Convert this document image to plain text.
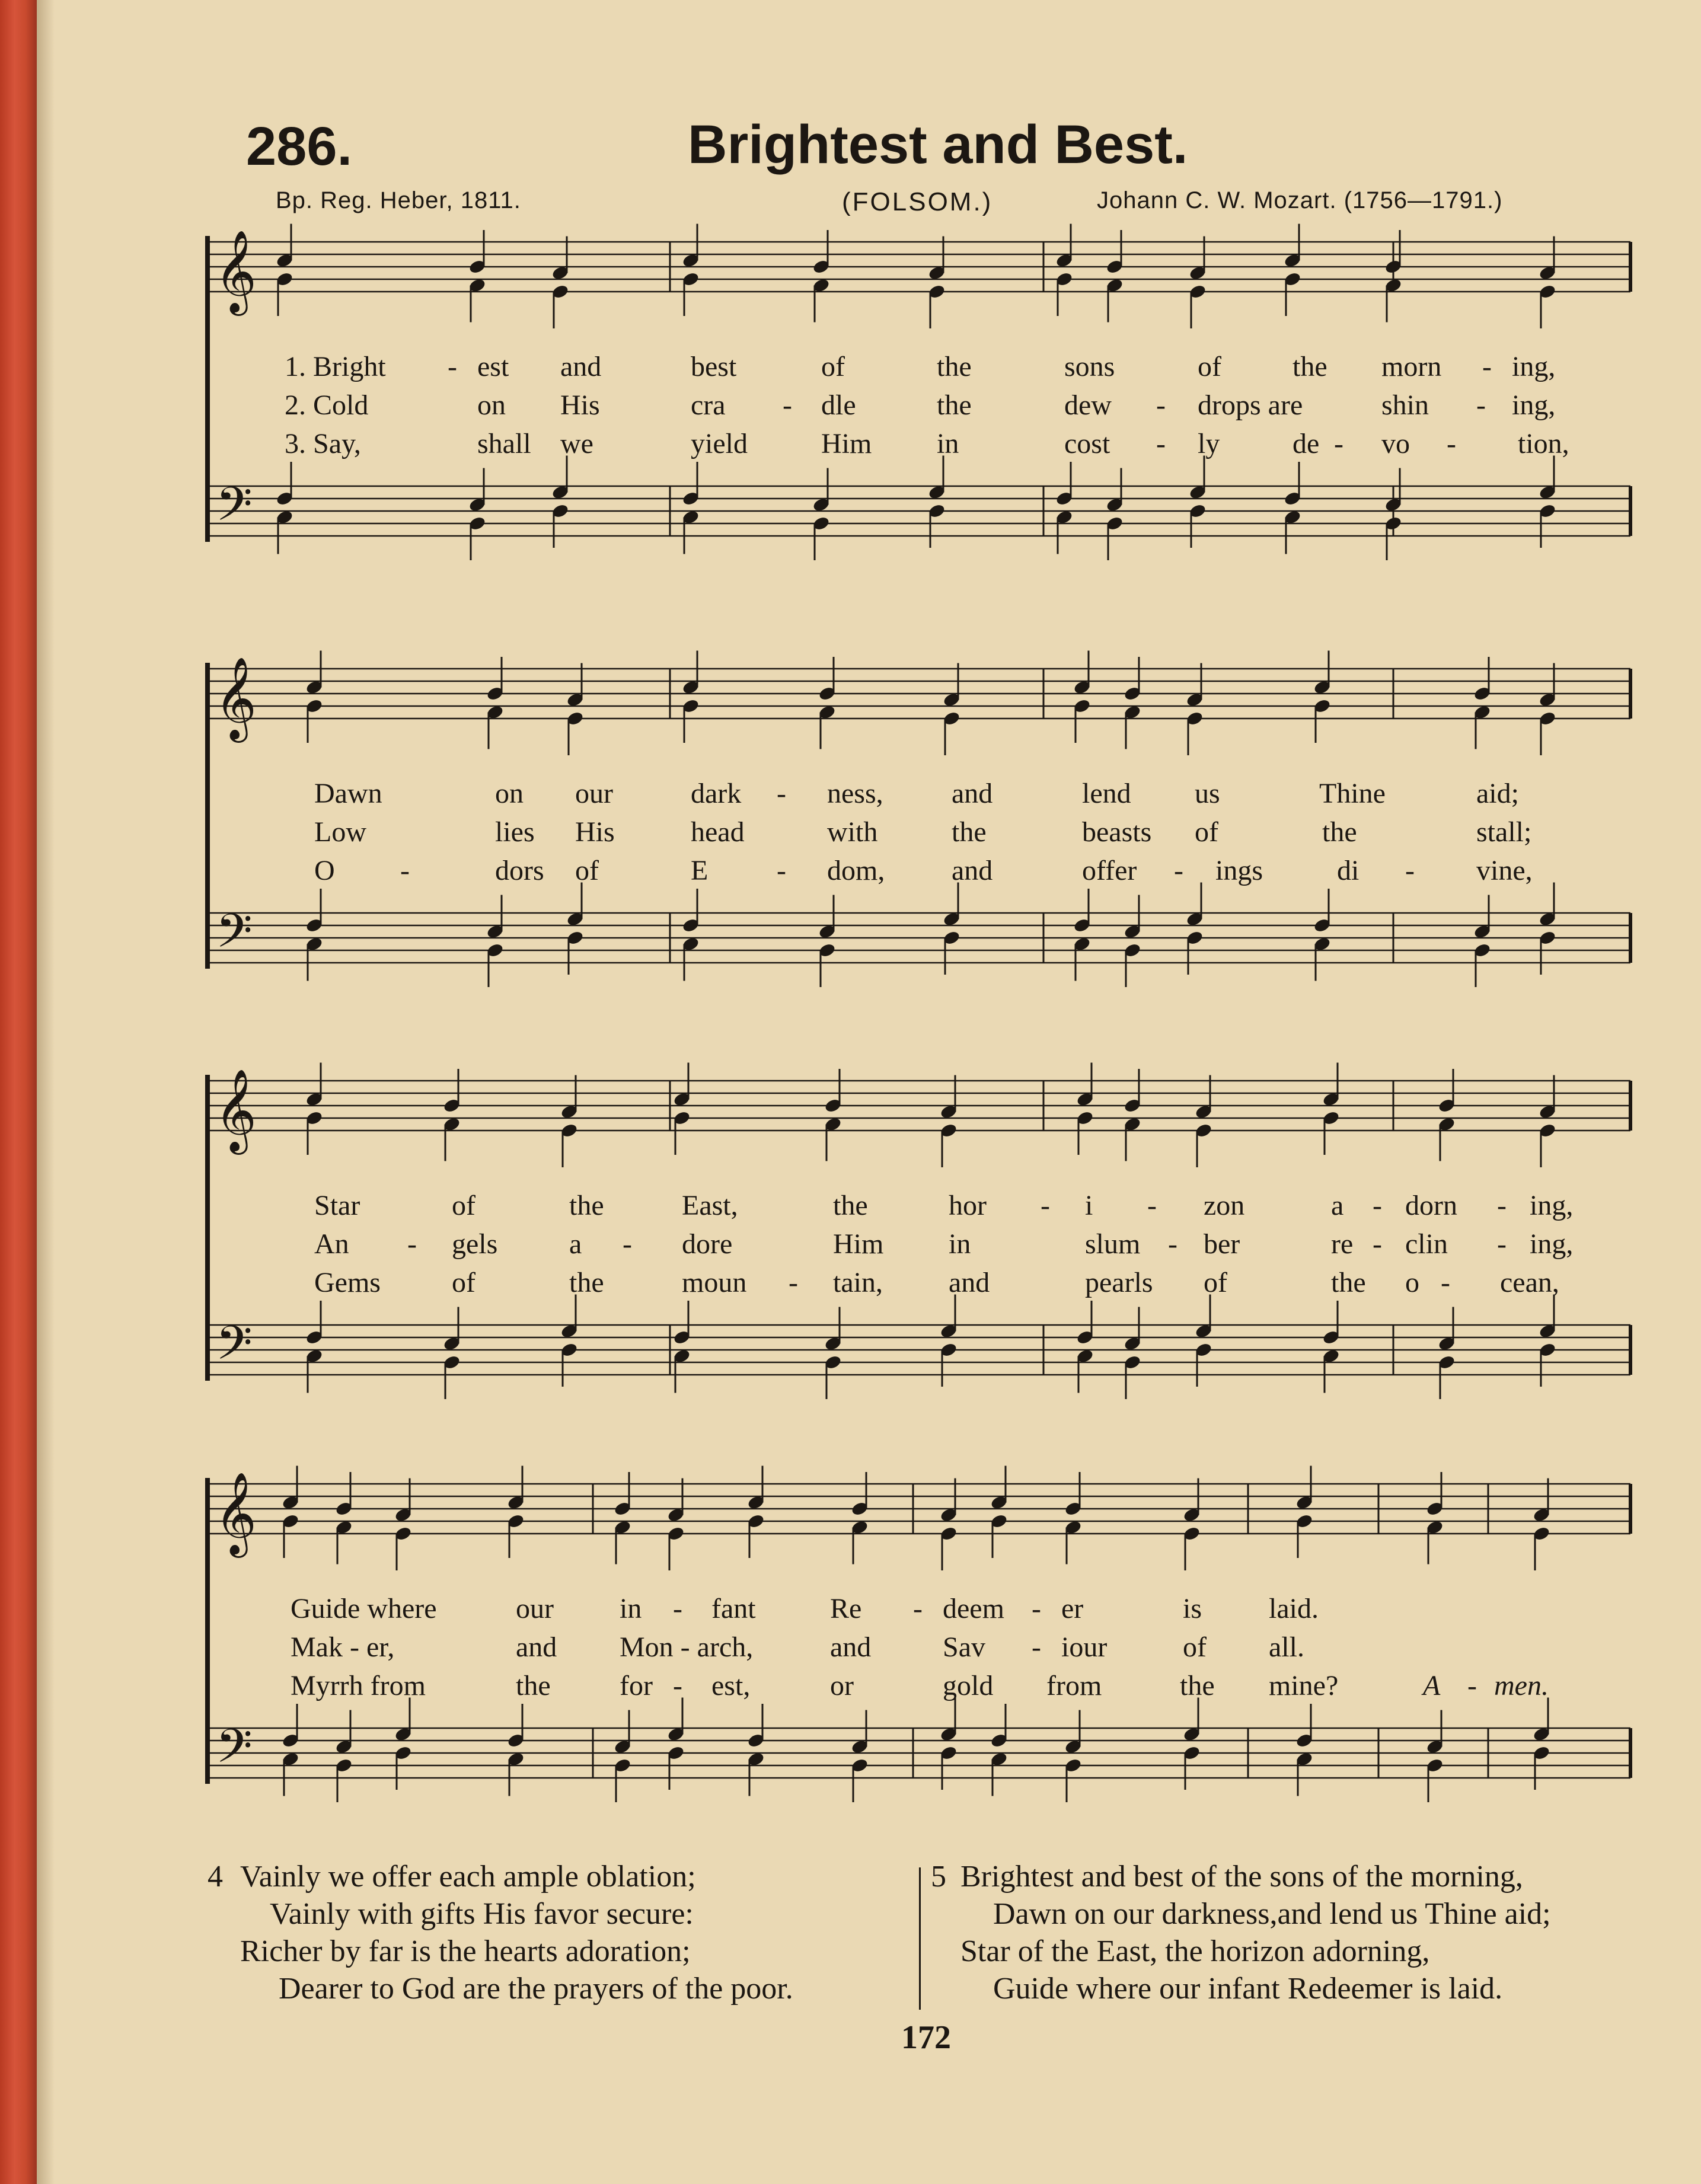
286.	Brightest and Best.
Bp. Reg. Heber, 1811.	(FOLSOM.)	Johann C. W. Mozart. (1756—1791.)
𝄞
𝄢
1. Bright - est and	best	of	the	sons	of	the morn - ing,
2. Cold	on His	cra - dle	the	dew - drops are	shin - ing,
3. Say,	shall we	yield	Him in	cost - ly	de - vo - tion,
𝄞
𝄢
Dawn	on our	dark - ness, and	lend us	Thine	aid;
Low	lies His	head	with	the	beasts of	the	stall;
O -	dors of	E - dom, and	offer - ings	di - vine,
𝄞
𝄢
Star	of	the	East,	the	hor - i - zon	a - dorn - ing,
An - gels	a - dore	Him in	slum - ber	re - clin - ing,
Gems	of	the	moun - tain, and	pearls of	the o - cean,
𝄞
𝄢
Guide where	our in - fant	Re - deem - er	is laid.
Mak - er,	and Mon - arch,	and	Sav - iour	of all.
Myrrh from	the for - est,	or	gold from	the mine?	A - men.
4 Vainly we offer each ample oblation;
Vainly with gifts His favor secure:
Richer by far is the hearts adoration;
Dearer to God are the prayers of the poor.
5 Brightest and best of the sons of the morning,
Dawn on our darkness,and lend us Thine aid;
Star of the East, the horizon adorning,
Guide where our infant Redeemer is laid.
172
